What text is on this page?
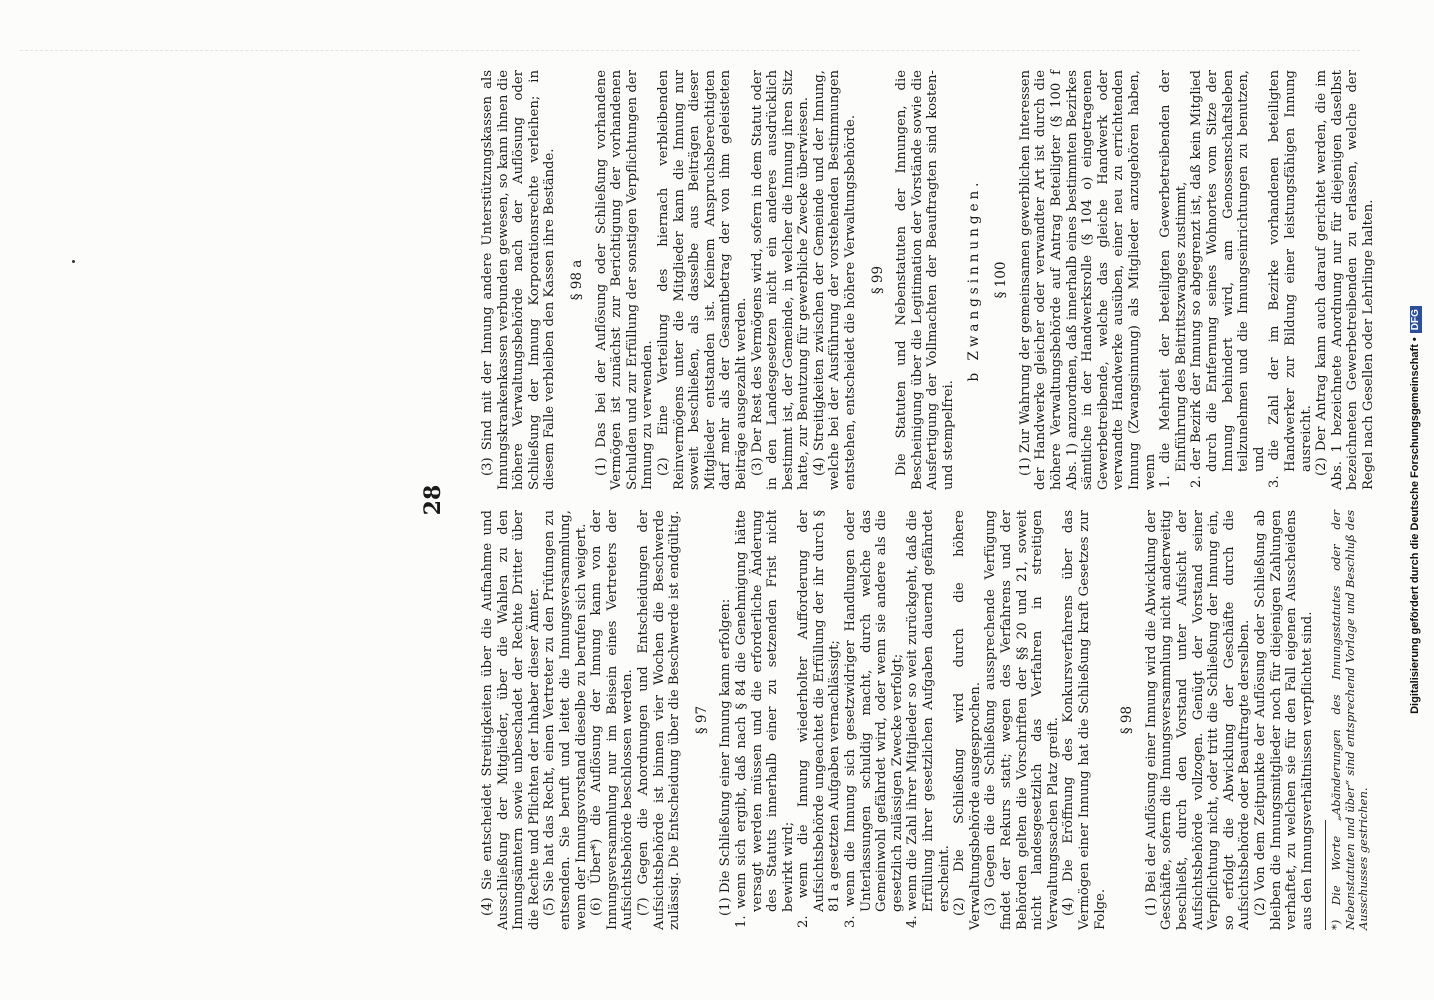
28

(4) Sie entscheidet Streitigkeiten über die Aufnahme und Ausschließung der Mitglieder, über die Wahlen zu den Innungsämtern sowie unbeschadet der Rechte Dritter über die Rechte und Pflichten der Inhaber dieser Ämter. (5) Sie hat das Recht, einen Vertreter zu den Prüfungen zu entsenden. Sie beruft und leitet die Innungsversammlung, wenn der Innungsvorstand dieselbe zu berufen sich weigert. (6) Über*) die Auflösung der Innung kann von der Innungsversammlung nur im Beisein eines Vertreters der Aufsichtsbehörde beschlossen werden. (7) Gegen die Anordnungen und Entscheidungen der Aufsichtsbehörde ist binnen vier Wochen die Beschwerde zulässig. Die Entscheidung über die Beschwerde ist endgültig. § 97 (1) Die Schließung einer Innung kann erfolgen:

1. wenn sich ergibt, daß nach § 84 die Genehmigung hätte versagt werden müssen und die erforderliche Änderung des Statuts innerhalb einer zu setzenden Frist nicht bewirkt wird;

2. wenn die Innung wiederholter Aufforderung der Aufsichtsbehörde ungeachtet die Erfüllung der ihr durch § 81 a gesetzten Aufgaben vernachlässigt;

3. wenn die Innung sich gesetzwidriger Handlungen oder Unterlassungen schuldig macht, durch welche das Gemeinwohl gefährdet wird, oder wenn sie andere als die gesetzlich zulässigen Zwecke verfolgt;

4. wenn die Zahl ihrer Mitglieder so weit zurückgeht, daß die Erfüllung ihrer gesetzlichen Aufgaben dauernd gefährdet erscheint. (2) Die Schließung wird durch die höhere Verwaltungsbehörde ausgesprochen. (3) Gegen die die Schließung aussprechende Verfügung findet der Rekurs statt; wegen des Verfahrens und der Behörden gelten die Vorschriften der §§ 20 und 21, soweit nicht landesgesetzlich das Verfahren in streitigen Verwaltungssachen Platz greift. (4) Die Eröffnung des Konkursverfahrens über das Vermögen einer Innung hat die Schließung kraft Gesetzes zur Folge.

§ 98 (1) Bei der Auflösung einer Innung wird die Abwicklung der Geschäfte, sofern die Innungsversammlung nicht anderweitig beschließt, durch den Vorstand unter Aufsicht der Aufsichtsbehörde vollzogen. Genügt der Vorstand seiner Verpflichtung nicht, oder tritt die Schließung der Innung ein, so erfolgt die Abwicklung der Geschäfte durch die Aufsichtsbehörde oder Beauftragte derselben. (2) Von dem Zeitpunkte der Auflösung oder Schließung ab bleiben die Innungsmitglieder noch für diejenigen Zahlungen verhaftet, zu welchen sie für den Fall eigenen Ausscheidens aus den Innungsverhältnissen verpflichtet sind. *) Die Worte „Abänderungen des Innungsstatutes oder der Nebenstatuten und über“ sind entsprechend Vorlage und Beschluß des Ausschusses gestrichen.

(3) Sind mit der Innung andere Unterstützungskassen als Innungskrankenkassen verbunden gewesen, so kann ihnen die höhere Verwaltungsbehörde nach der Auflösung oder Schließung der Innung Korporationsrechte verleihen; in diesem Falle verbleiben den Kassen ihre Bestände. § 98 a (1) Das bei der Auflösung oder Schließung vorhandene Vermögen ist zunächst zur Berichtigung der vorhandenen Schulden und zur Erfüllung der sonstigen Verpflichtungen der Innung zu verwenden. (2) Eine Verteilung des hiernach verbleibenden Reinvermögens unter die Mitglieder kann die Innung nur soweit beschließen, als dasselbe aus Beiträgen dieser Mitglieder entstanden ist. Keinem Anspruchsberechtigten darf mehr als der Gesamtbetrag der von ihm geleisteten Beiträge ausgezahlt werden. (3) Der Rest des Vermögens wird, sofern in dem Statut oder in den Landesgesetzen nicht ein anderes ausdrücklich bestimmt ist, der Gemeinde, in welcher die Innung ihren Sitz hatte, zur Benutzung für gewerbliche Zwecke überwiesen. (4) Streitigkeiten zwischen der Gemeinde und der Innung, welche bei der Ausführung der vorstehenden Bestimmungen entstehen, entscheidet die höhere Verwaltungsbehörde. § 99 Die Statuten und Nebenstatuten der Innungen, die Bescheinigung über die Legitimation der Vorstände sowie die Ausfertigung der Vollmachten der Beauftragten sind kosten- und stempelfrei.

b Zwangsinnungen. § 100 (1) Zur Wahrung der gemeinsamen gewerblichen Interessen der Handwerke gleicher oder verwandter Art ist durch die höhere Verwaltungsbehörde auf Antrag Beteiligter (§ 100 f Abs. 1) anzuordnen, daß innerhalb eines bestimmten Bezirkes sämtliche in der Handwerksrolle (§ 104 o) eingetragenen Gewerbetreibende, welche das gleiche Handwerk oder verwandte Handwerke ausüben, einer neu zu errichtenden Innung (Zwangsinnung) als Mitglieder anzugehören haben, wenn 1. die Mehrheit der beteiligten Gewerbetreibenden der Einführung des Beitrittszwanges zustimmt,

2. der Bezirk der Innung so abgegrenzt ist, daß kein Mitglied durch die Entfernung seines Wohnortes vom Sitze der Innung behindert wird, am Genossenschaftsleben teilzunehmen und die Innungseinrichtungen zu benutzen, und

3. die Zahl der im Bezirke vorhandenen beteiligten Handwerker zur Bildung einer leistungsfähigen Innung ausreicht. (2) Der Antrag kann auch darauf gerichtet werden, die im Abs. 1 bezeichnete Anordnung nur für diejenigen daselbst bezeichneten Gewerbetreibenden zu erlassen, welche der Regel nach Gesellen oder Lehrlinge halten.	Digitalisierung gefördert durch die Deutsche Forschungsgemeinschaft •DFG
